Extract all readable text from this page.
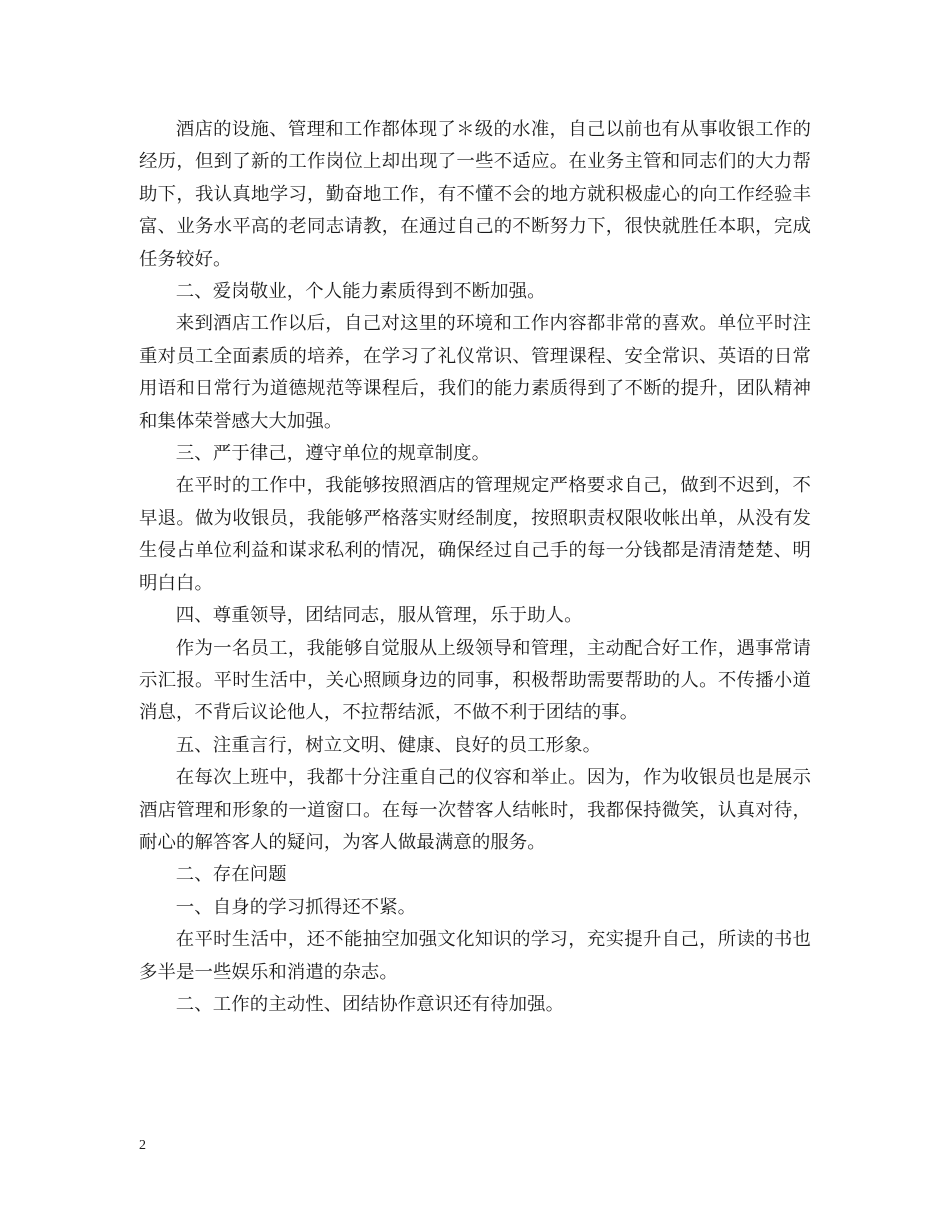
酒店的设施、管理和工作都体现了＊级的水准，自己以前也有从事收银工作的经历，但到了新的工作岗位上却出现了一些不适应。在业务主管和同志们的大力帮助下，我认真地学习，勤奋地工作，有不懂不会的地方就积极虚心的向工作经验丰富、业务水平高的老同志请教，在通过自己的不断努力下，很快就胜任本职，完成任务较好。

二、爱岗敬业，个人能力素质得到不断加强。

来到酒店工作以后，自己对这里的环境和工作内容都非常的喜欢。单位平时注重对员工全面素质的培养，在学习了礼仪常识、管理课程、安全常识、英语的日常用语和日常行为道德规范等课程后，我们的能力素质得到了不断的提升，团队精神和集体荣誉感大大加强。

三、严于律己，遵守单位的规章制度。

在平时的工作中，我能够按照酒店的管理规定严格要求自己，做到不迟到，不早退。做为收银员，我能够严格落实财经制度，按照职责权限收帐出单，从没有发生侵占单位利益和谋求私利的情况，确保经过自己手的每一分钱都是清清楚楚、明明白白。

四、尊重领导，团结同志，服从管理，乐于助人。

作为一名员工，我能够自觉服从上级领导和管理，主动配合好工作，遇事常请示汇报。平时生活中，关心照顾身边的同事，积极帮助需要帮助的人。不传播小道消息，不背后议论他人，不拉帮结派，不做不利于团结的事。

五、注重言行，树立文明、健康、良好的员工形象。

在每次上班中，我都十分注重自己的仪容和举止。因为，作为收银员也是展示酒店管理和形象的一道窗口。在每一次替客人结帐时，我都保持微笑，认真对待，耐心的解答客人的疑问，为客人做最满意的服务。

二、存在问题

一、自身的学习抓得还不紧。

在平时生活中，还不能抽空加强文化知识的学习，充实提升自己，所读的书也多半是一些娱乐和消遣的杂志。

二、工作的主动性、团结协作意识还有待加强。

2
